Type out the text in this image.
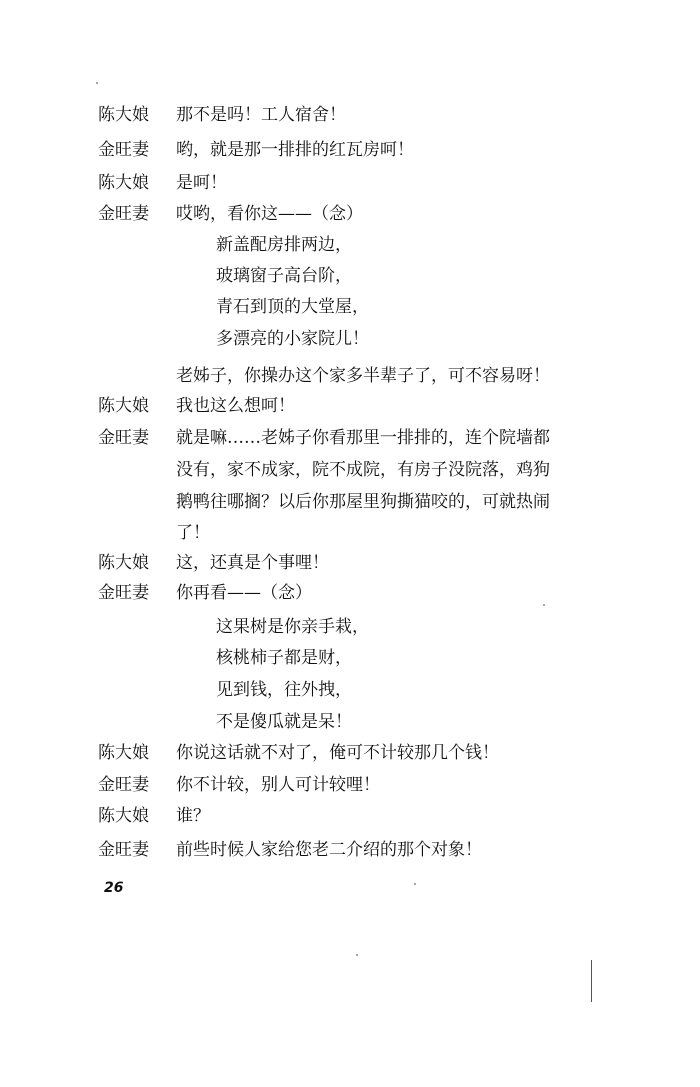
陈大娘	那不是吗！工人宿舍！
金旺妻	哟，就是那一排排的红瓦房呵！
陈大娘	是呵！
金旺妻	哎哟，看你这——（念）
新盖配房排两边，
玻璃窗子高台阶，
青石到顶的大堂屋，
多漂亮的小家院儿！
老姊子，你操办这个家多半辈子了，可不容易呀！
陈大娘	我也这么想呵！
金旺妻	就是嘛……老姊子你看那里一排排的，连个院墙都
没有，家不成家，院不成院，有房子没院落，鸡狗
鹅鸭往哪搁？以后你那屋里狗撕猫咬的，可就热闹
了！
陈大娘	这，还真是个事哩！
金旺妻	你再看——（念）
这果树是你亲手栽，
核桃柿子都是财，
见到钱，往外拽，
不是傻瓜就是呆！
陈大娘	你说这话就不对了，俺可不计较那几个钱！
金旺妻	你不计较，别人可计较哩！
陈大娘	谁？
金旺妻	前些时候人家给您老二介绍的那个对象！
26
